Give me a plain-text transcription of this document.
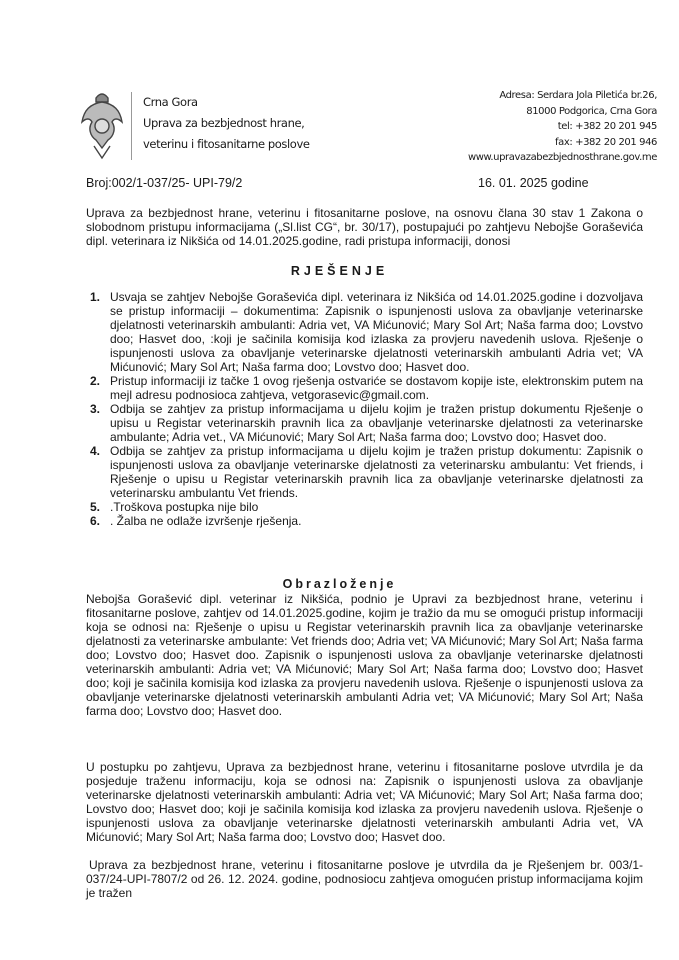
Crna Gora
Uprava za bezbjednost hrane,
veterinu i fitosanitarne poslove
Adresa: Serdara Jola Piletića br.26,
81000 Podgorica, Crna Gora
tel: +382 20 201 945
fax: +382 20 201 946
www.upravazabezbjednosthrane.gov.me
Broj:002/1-037/25- UPI-79/2	16. 01. 2025 godine
Uprava za bezbjednost hrane, veterinu i fitosanitarne poslove, na osnovu člana 30 stav 1 Zakona o slobodnom pristupu informacijama („Sl.list CG“, br. 30/17), postupajući po zahtjevu Nebojše Goraševića dipl. veterinara iz Nikšića od 14.01.2025.godine, radi pristupa informaciji, donosi
RJEŠENJE
1. Usvaja se zahtjev Nebojše Goraševića dipl. veterinara iz Nikšića od 14.01.2025.godine i dozvoljava se pristup informaciji – dokumentima: Zapisnik o ispunjenosti uslova za obavljanje veterinarske djelatnosti veterinarskih ambulanti: Adria vet, VA Mićunović; Mary Sol Art; Naša farma doo; Lovstvo doo; Hasvet doo, :koji je sačinila komisija kod izlaska za provjeru navedenih uslova. Rješenje o ispunjenosti uslova za obavljanje veterinarske djelatnosti veterinarskih ambulanti Adria vet; VA Mićunović; Mary Sol Art; Naša farma doo; Lovstvo doo; Hasvet doo.
2. Pristup informaciji iz tačke 1 ovog rješenja ostvariće se dostavom kopije iste, elektronskim putem na mejl adresu podnosioca zahtjeva, vetgorasevic@gmail.com.
3. Odbija se zahtjev za pristup informacijama u dijelu kojim je tražen pristup dokumentu Rješenje o upisu u Registar veterinarskih pravnih lica za obavljanje veterinarske djelatnosti za veterinarske ambulante; Adria vet., VA Mićunović; Mary Sol Art; Naša farma doo; Lovstvo doo; Hasvet doo.
4. Odbija se zahtjev za pristup informacijama u dijelu kojim je tražen pristup dokumentu: Zapisnik o ispunjenosti uslova za obavljanje veterinarske djelatnosti za veterinarsku ambulantu: Vet friends, i Rješenje o upisu u Registar veterinarskih pravnih lica za obavljanje veterinarske djelatnosti za veterinarsku ambulantu Vet friends.
5. .Troškova postupka nije bilo
6. . Žalba ne odlaže izvršenje rješenja.
Obrazloženje
Nebojša Gorašević dipl. veterinar iz Nikšića, podnio je Upravi za bezbjednost hrane, veterinu i fitosanitarne poslove, zahtjev od 14.01.2025.godine, kojim je tražio da mu se omogući pristup informaciji koja se odnosi na: Rješenje o upisu u Registar veterinarskih pravnih lica za obavljanje veterinarske djelatnosti za veterinarske ambulante: Vet friends doo; Adria vet; VA Mićunović; Mary Sol Art; Naša farma doo; Lovstvo doo; Hasvet doo. Zapisnik o ispunjenosti uslova za obavljanje veterinarske djelatnosti veterinarskih ambulanti: Adria vet; VA Mićunović; Mary Sol Art; Naša farma doo; Lovstvo doo; Hasvet doo; koji je sačinila komisija kod izlaska za provjeru navedenih uslova. Rješenje o ispunjenosti uslova za obavljanje veterinarske djelatnosti veterinarskih ambulanti Adria vet; VA Mićunović; Mary Sol Art; Naša farma doo; Lovstvo doo; Hasvet doo.
U postupku po zahtjevu, Uprava za bezbjednost hrane, veterinu i fitosanitarne poslove utvrdila je da posjeduje traženu informaciju, koja se odnosi na: Zapisnik o ispunjenosti uslova za obavljanje veterinarske djelatnosti veterinarskih ambulanti: Adria vet; VA Mićunović; Mary Sol Art; Naša farma doo; Lovstvo doo; Hasvet doo; koji je sačinila komisija kod izlaska za provjeru navedenih uslova. Rješenje o ispunjenosti uslova za obavljanje veterinarske djelatnosti veterinarskih ambulanti Adria vet, VA Mićunović; Mary Sol Art; Naša farma doo; Lovstvo doo; Hasvet doo.
Uprava za bezbjednost hrane, veterinu i fitosanitarne poslove je utvrdila da je Rješenjem br. 003/1-037/24-UPI-7807/2 od 26. 12. 2024. godine, podnosiocu zahtjeva omogućen pristup informacijama kojim je tražen
